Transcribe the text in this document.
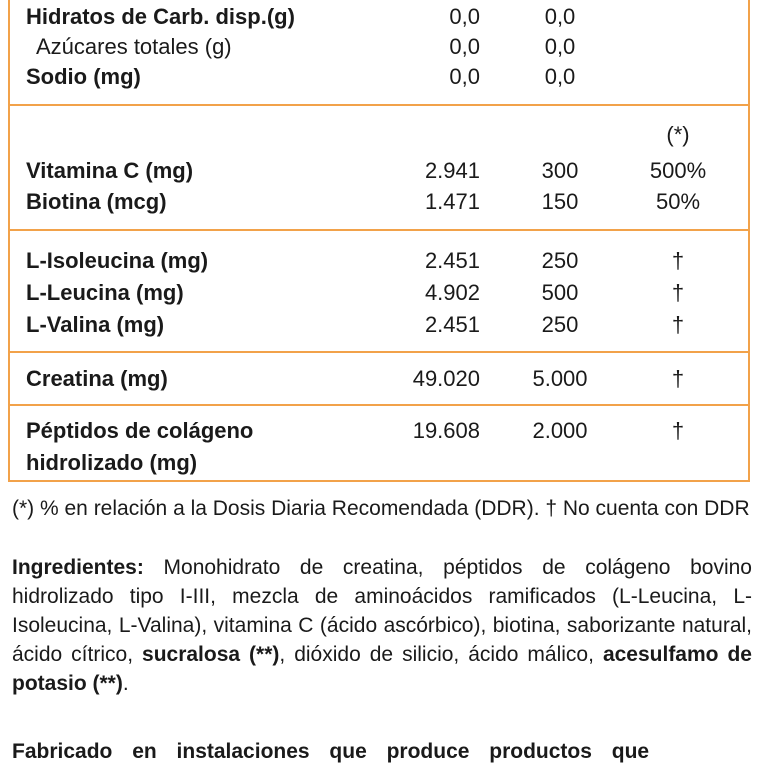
Hidratos de Carb. disp.(g)	0,0	0,0
Azúcares totales (g)	0,0	0,0
Sodio (mg)	0,0	0,0
(*)
Vitamina C (mg)	2.941	300	500%
Biotina (mcg)	1.471	150	50%
L-Isoleucina (mg)	2.451	250	†
L-Leucina (mg)	4.902	500	†
L-Valina (mg)	2.451	250	†
Creatina (mg)	49.020	5.000	†
Péptidos de colágeno	19.608	2.000	†
hidrolizado (mg)
(*) % en relación a la Dosis Diaria Recomendada (DDR). † No cuenta con DDR
Ingredientes: Monohidrato de creatina, péptidos de colágeno bovino hidrolizado tipo I-III, mezcla de aminoácidos ramificados (L-Leucina, L-Isoleucina, L-Valina), vitamina C (ácido ascórbico), biotina, saborizante natural, ácido cítrico, sucralosa (**), dióxido de silicio, ácido málico, acesulfamo de potasio (**).
Fabricado en instalaciones que produce productos que
